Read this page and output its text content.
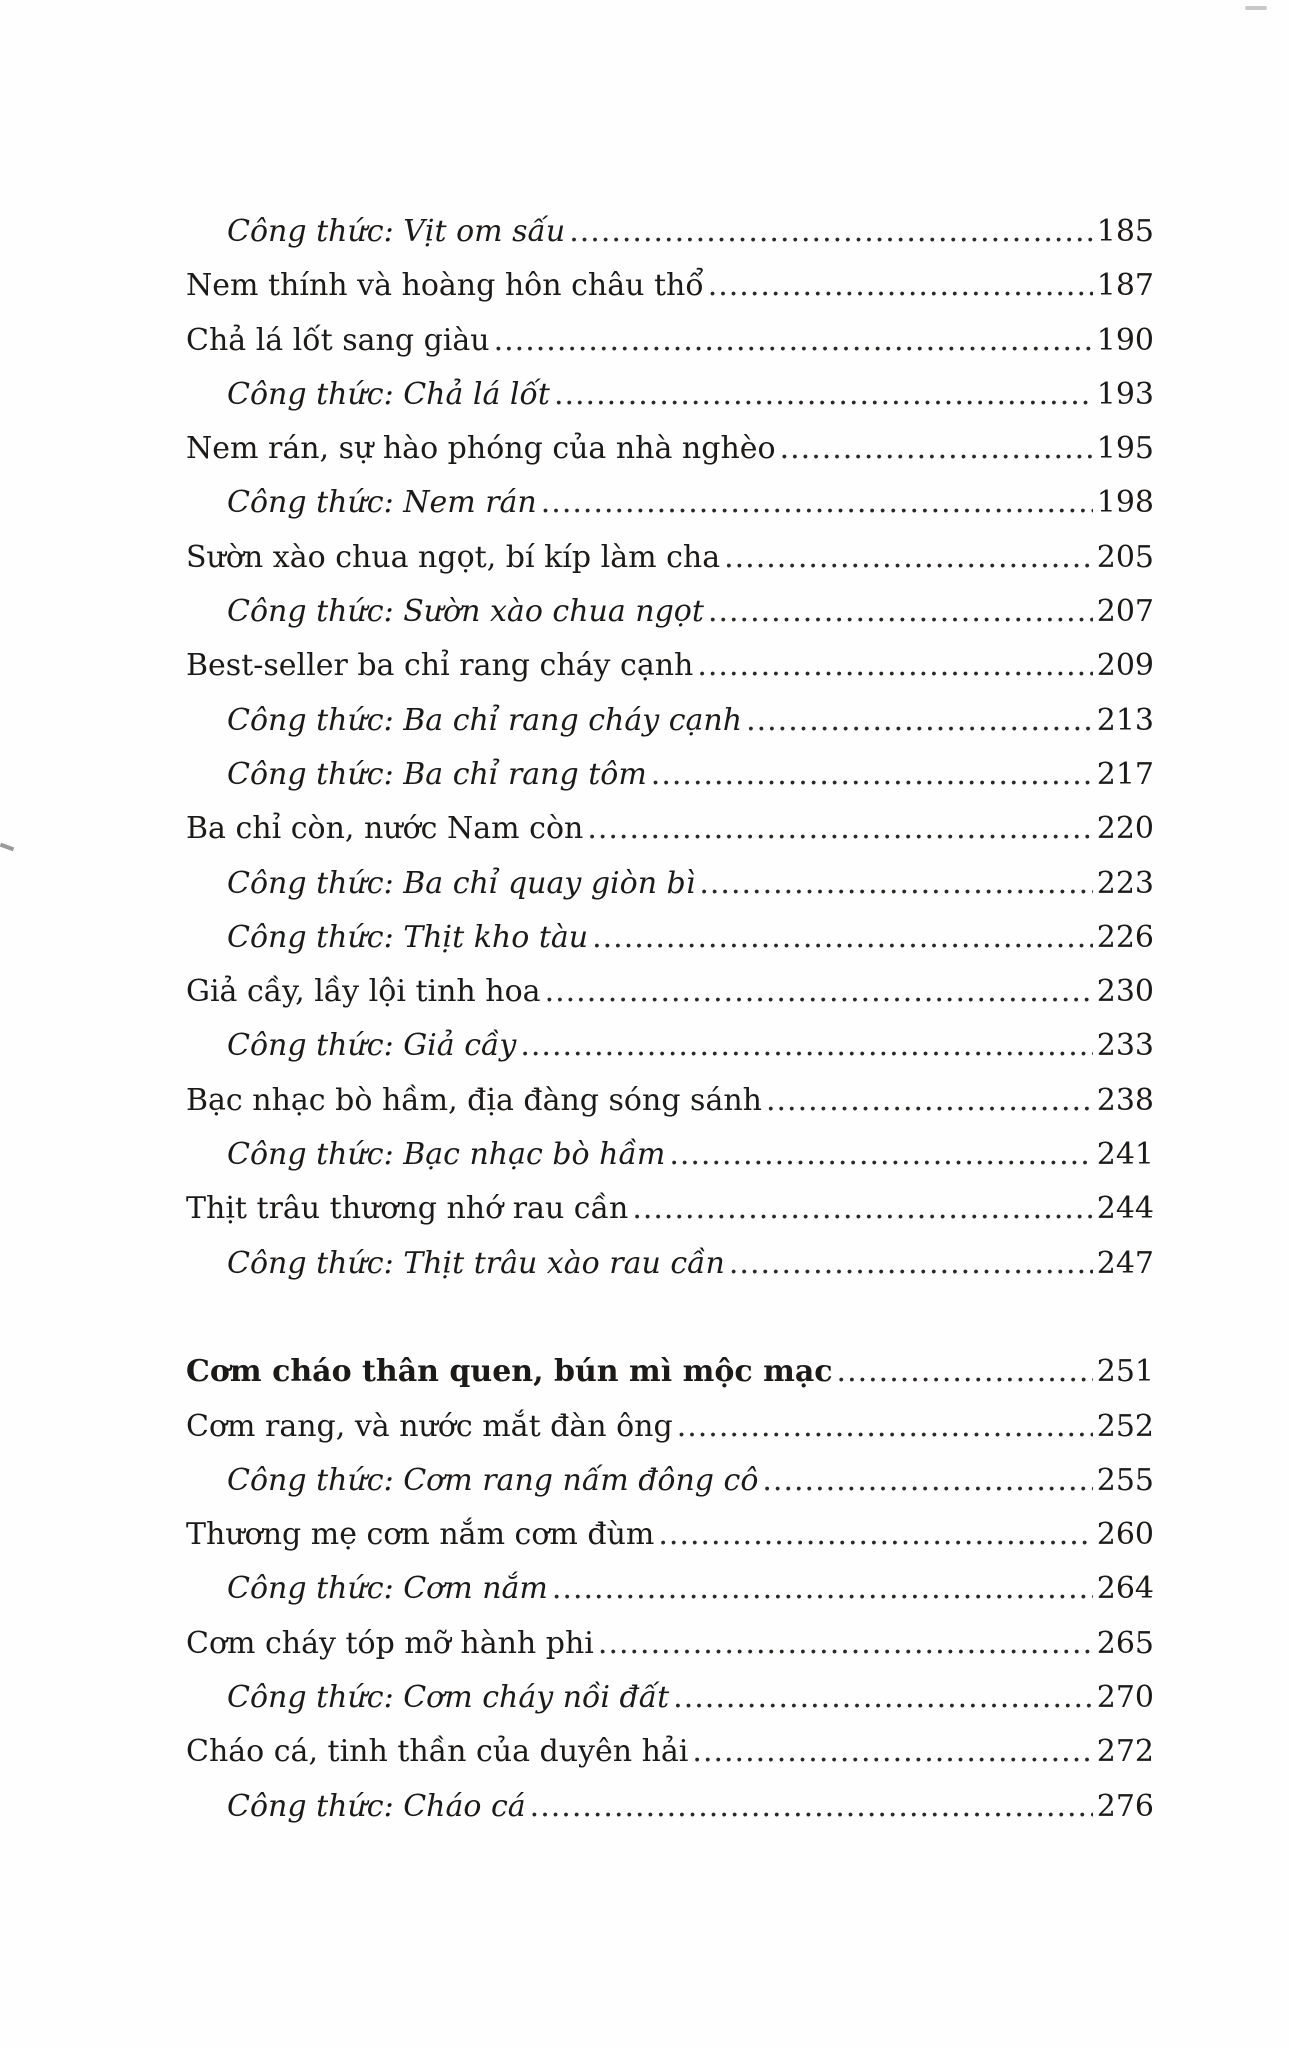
Công thức: Vịt om sấu .....	185
Nem thính và hoàng hôn châu thổ .....	187
Chả lá lốt sang giàu .....	190
Công thức: Chả lá lốt .....	193
Nem rán, sự hào phóng của nhà nghèo .....	195
Công thức: Nem rán .....	198
Sườn xào chua ngọt, bí kíp làm cha .....	205
Công thức: Sườn xào chua ngọt .....	207
Best-seller ba chỉ rang cháy cạnh .....	209
Công thức: Ba chỉ rang cháy cạnh .....	213
Công thức: Ba chỉ rang tôm .....	217
Ba chỉ còn, nước Nam còn .....	220
Công thức: Ba chỉ quay giòn bì .....	223
Công thức: Thịt kho tàu .....	226
Giả cầy, lầy lội tinh hoa .....	230
Công thức: Giả cầy .....	233
Bạc nhạc bò hầm, địa đàng sóng sánh .....	238
Công thức: Bạc nhạc bò hầm .....	241
Thịt trâu thương nhớ rau cần .....	244
Công thức: Thịt trâu xào rau cần .....	247
Cơm cháo thân quen, bún mì mộc mạc .....	251
Cơm rang, và nước mắt đàn ông .....	252
Công thức: Cơm rang nấm đông cô .....	255
Thương mẹ cơm nắm cơm đùm .....	260
Công thức: Cơm nắm .....	264
Cơm cháy tóp mỡ hành phi .....	265
Công thức: Cơm cháy nồi đất .....	270
Cháo cá, tinh thần của duyên hải .....	272
Công thức: Cháo cá .....	276
